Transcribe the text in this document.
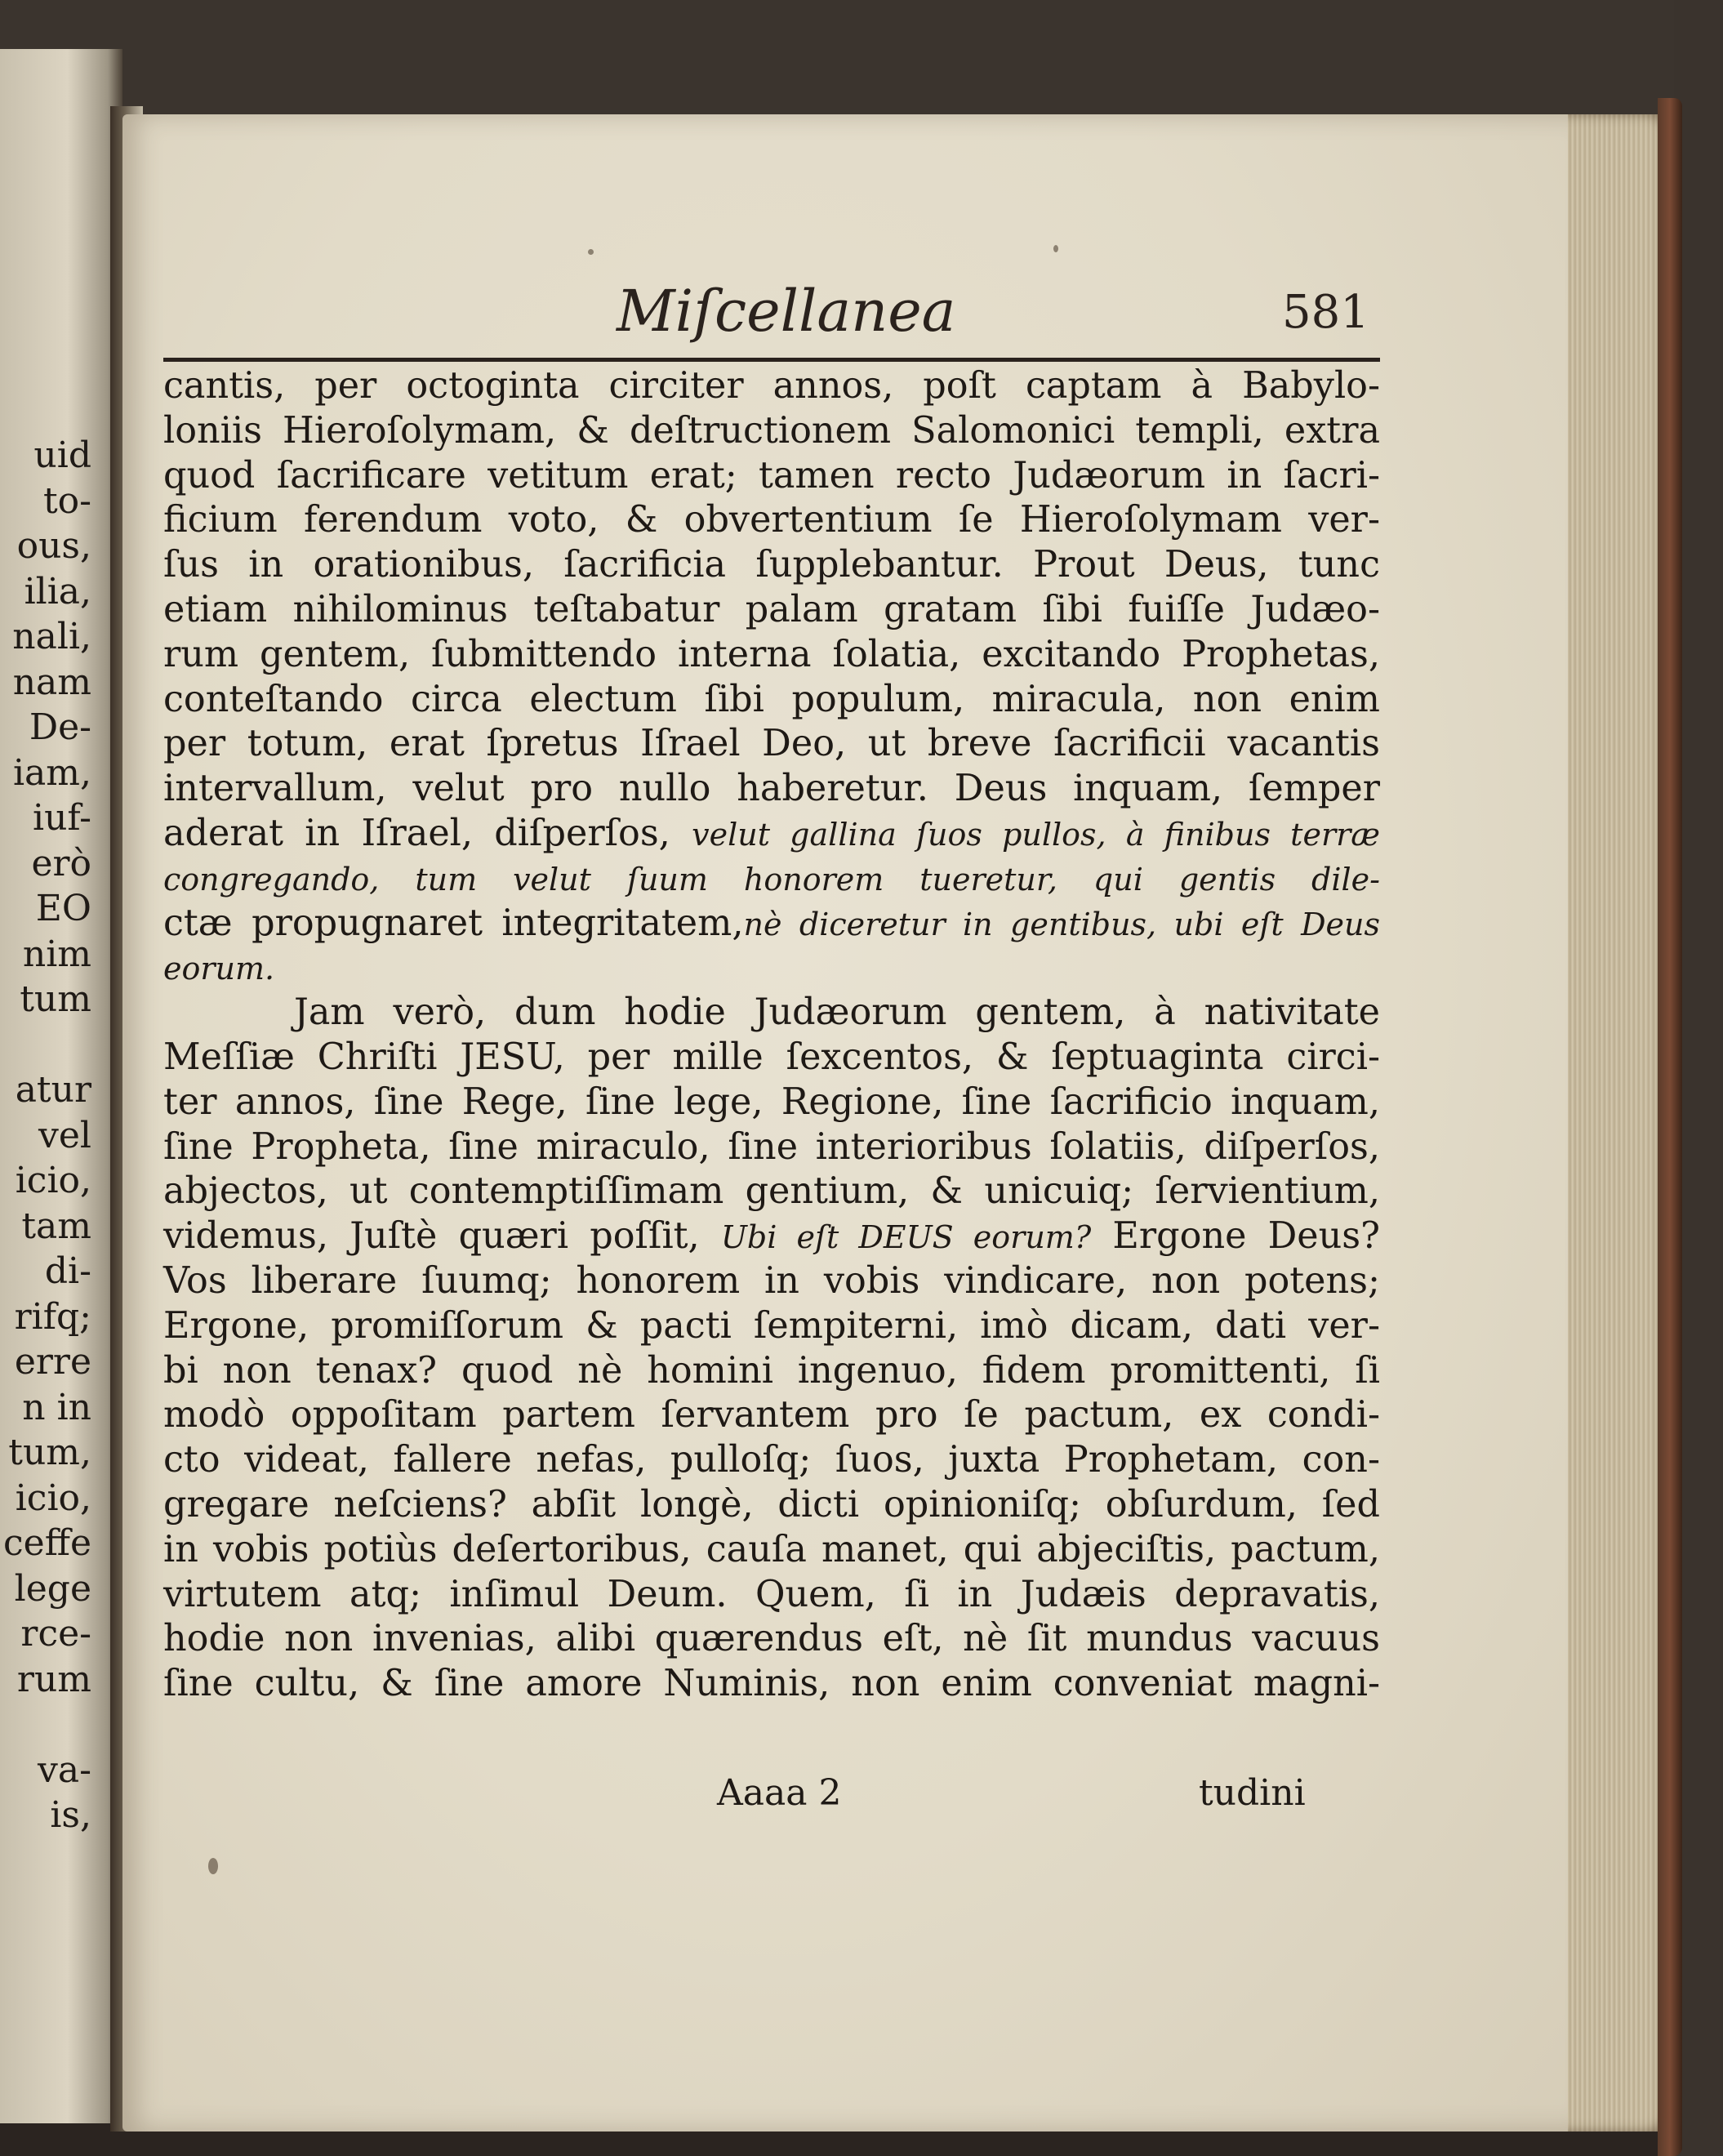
uid
to-
ous,
ilia,
nali,
nam
De-
iam,
iuf-
erò
EO
nim
tum
atur
vel
icio,
tam
di-
rifq;
erre
n in
tum,
icio,
ceffe
lege
rce-
rum
va-
is,
Miſcellanea	581
cantis, per octoginta circiter annos, poſt captam à Babylo-
loniis Hieroſolymam, & deſtructionem Salomonici templi, extra
quod ſacrificare vetitum erat; tamen recto Judæorum in ſacri-
ficium ferendum voto, & obvertentium ſe Hieroſolymam ver-
ſus in orationibus, ſacrificia ſupplebantur. Prout Deus, tunc
etiam nihilominus teſtabatur palam gratam ſibi fuiſſe Judæo-
rum gentem, ſubmittendo interna ſolatia, excitando Prophetas,
conteſtando circa electum ſibi populum, miracula, non enim
per totum, erat ſpretus Iſrael Deo, ut breve ſacrificii vacantis
intervallum, velut pro nullo haberetur. Deus inquam, ſemper
aderat in Iſrael, diſperſos, velut gallina ſuos pullos, à finibus terræ
congregando, tum velut ſuum honorem tueretur, qui gentis dile-
ctæ propugnaret integritatem,nè diceretur in gentibus, ubi eſt Deus
eorum.
Jam verò, dum hodie Judæorum gentem, à nativitate
Meſſiæ Chriſti JESU, per mille ſexcentos, & ſeptuaginta circi-
ter annos, ſine Rege, ſine lege, Regione, ſine ſacrificio inquam,
ſine Propheta, ſine miraculo, ſine interioribus ſolatiis, diſperſos,
abjectos, ut contemptiſſimam gentium, & unicuiq; ſervientium,
videmus, Juſtè quæri poſſit, Ubi eſt DEUS eorum? Ergone Deus?
Vos liberare ſuumq; honorem in vobis vindicare, non potens;
Ergone, promiſſorum & pacti ſempiterni, imò dicam, dati ver-
bi non tenax? quod nè homini ingenuo, fidem promittenti, ſi
modò oppoſitam partem ſervantem pro ſe pactum, ex condi-
cto videat, fallere nefas, pulloſq; ſuos, juxta Prophetam, con-
gregare neſciens? abſit longè, dicti opinioniſq; obſurdum, ſed
in vobis potiùs deſertoribus, cauſa manet, qui abjeciſtis, pactum,
virtutem atq; inſimul Deum. Quem, ſi in Judæis depravatis,
hodie non invenias, alibi quærendus eſt, nè ſit mundus vacuus
ſine cultu, & ſine amore Numinis, non enim conveniat magni-
Aaaa 2	tudini
